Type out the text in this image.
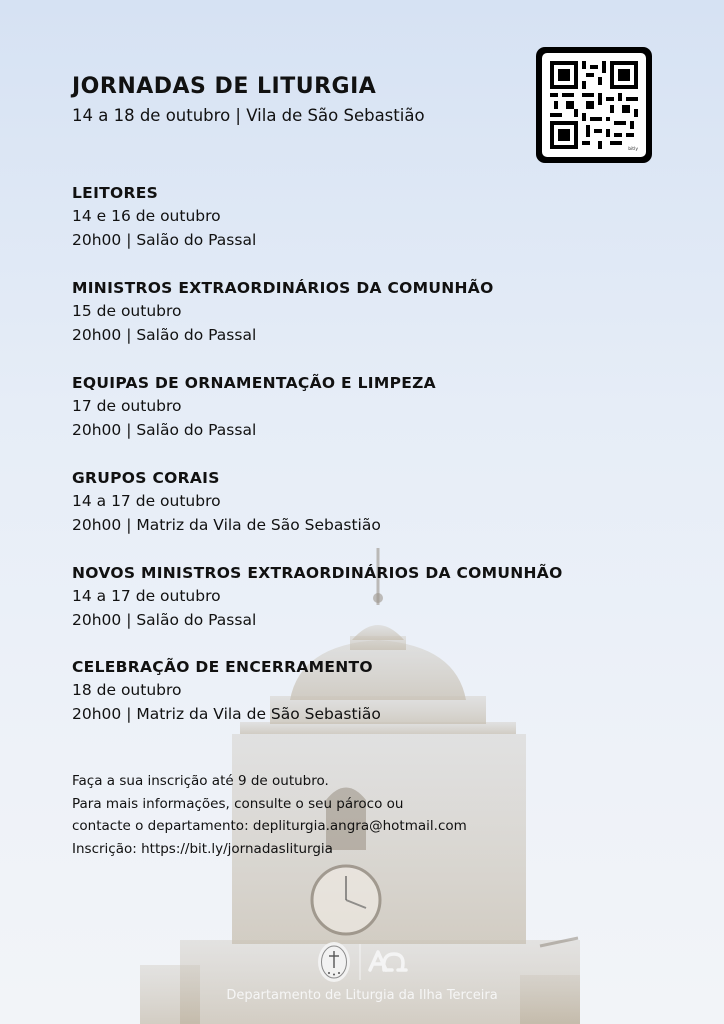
JORNADAS DE LITURGIA
14 a 18 de outubro | Vila de São Sebastião
bitly
LEITORES
14 e 16 de outubro
20h00 | Salão do Passal
MINISTROS EXTRAORDINÁRIOS DA COMUNHÃO
15 de outubro
20h00 | Salão do Passal
EQUIPAS DE ORNAMENTAÇÃO E LIMPEZA
17 de outubro
20h00 | Salão do Passal
GRUPOS CORAIS
14 a 17 de outubro
20h00 | Matriz da Vila de São Sebastião
NOVOS MINISTROS EXTRAORDINÁRIOS DA COMUNHÃO
14 a 17 de outubro
20h00 | Salão do Passal
CELEBRAÇÃO DE ENCERRAMENTO
18 de outubro
20h00 | Matriz da Vila de São Sebastião
Faça a sua inscrição até 9 de outubro.
Para mais informações, consulte o seu pároco ou
contacte o departamento: depliturgia.angra@hotmail.com
Inscrição: https://bit.ly/jornadasliturgia
Departamento de Liturgia da Ilha Terceira
